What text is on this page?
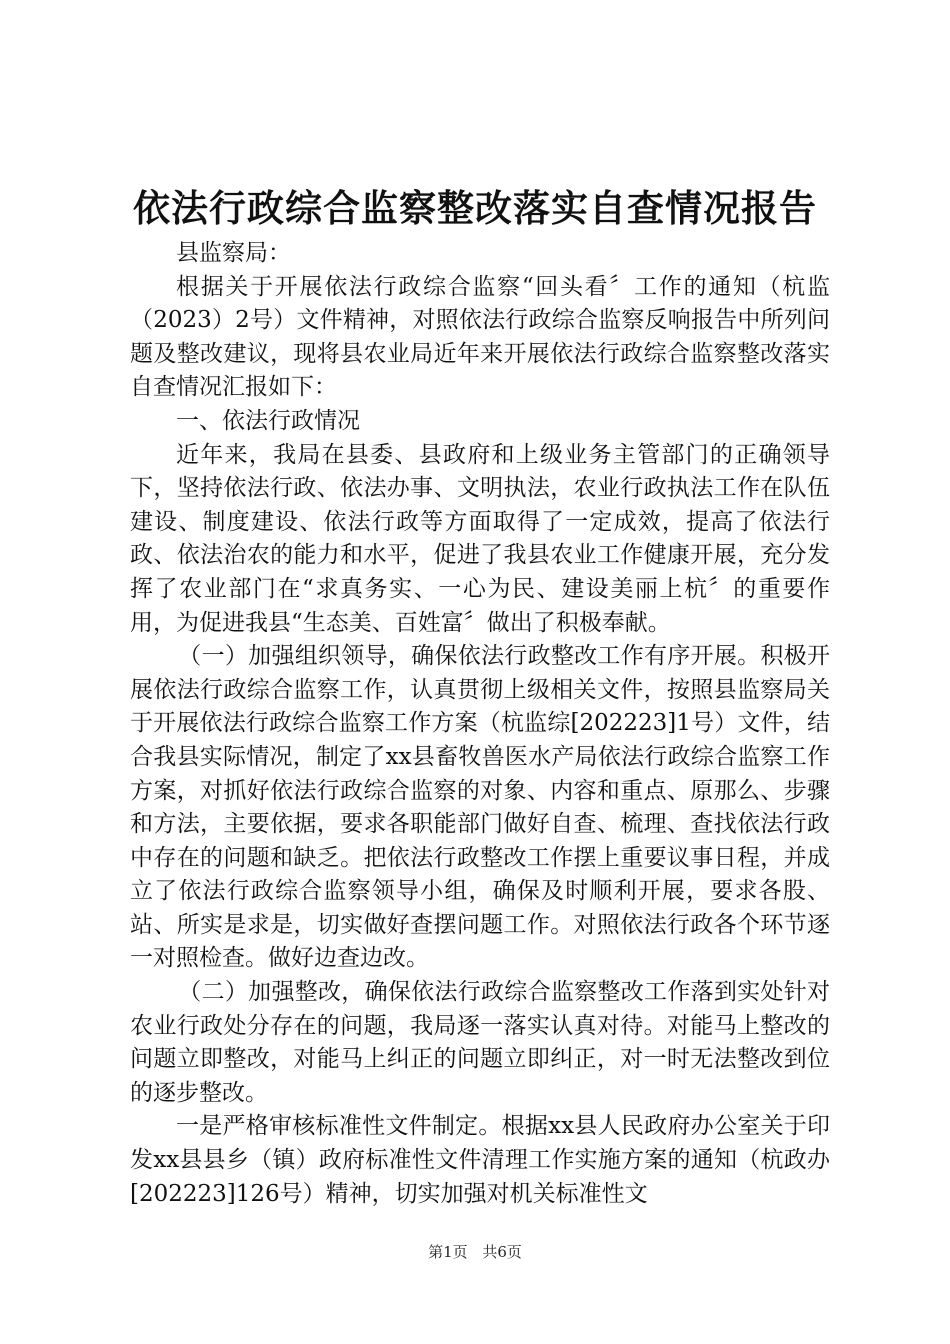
依法行政综合监察整改落实自查情况报告

县监察局：

根据关于开展依法行政综合监察“回头看〞工作的通知（杭监（2023）2号）文件精神，对照依法行政综合监察反响报告中所列问题及整改建议，现将县农业局近年来开展依法行政综合监察整改落实自查情况汇报如下：

一、依法行政情况

近年来，我局在县委、县政府和上级业务主管部门的正确领导下，坚持依法行政、依法办事、文明执法，农业行政执法工作在队伍建设、制度建设、依法行政等方面取得了一定成效，提高了依法行政、依法治农的能力和水平，促进了我县农业工作健康开展，充分发挥了农业部门在“求真务实、一心为民、建设美丽上杭〞的重要作用，为促进我县“生态美、百姓富〞做出了积极奉献。

（一）加强组织领导，确保依法行政整改工作有序开展。积极开展依法行政综合监察工作，认真贯彻上级相关文件，按照县监察局关于开展依法行政综合监察工作方案（杭监综[202223]1号）文件，结合我县实际情况，制定了xx县畜牧兽医水产局依法行政综合监察工作方案，对抓好依法行政综合监察的对象、内容和重点、原那么、步骤和方法，主要依据，要求各职能部门做好自查、梳理、查找依法行政中存在的问题和缺乏。把依法行政整改工作摆上重要议事日程，并成立了依法行政综合监察领导小组，确保及时顺利开展，要求各股、站、所实是求是，切实做好查摆问题工作。对照依法行政各个环节逐一对照检查。做好边查边改。

（二）加强整改，确保依法行政综合监察整改工作落到实处针对农业行政处分存在的问题，我局逐一落实认真对待。对能马上整改的问题立即整改，对能马上纠正的问题立即纠正，对一时无法整改到位的逐步整改。

一是严格审核标准性文件制定。根据xx县人民政府办公室关于印发xx县县乡（镇）政府标准性文件清理工作实施方案的通知（杭政办[202223]126号）精神，切实加强对机关标准性文

第1页 共6页
